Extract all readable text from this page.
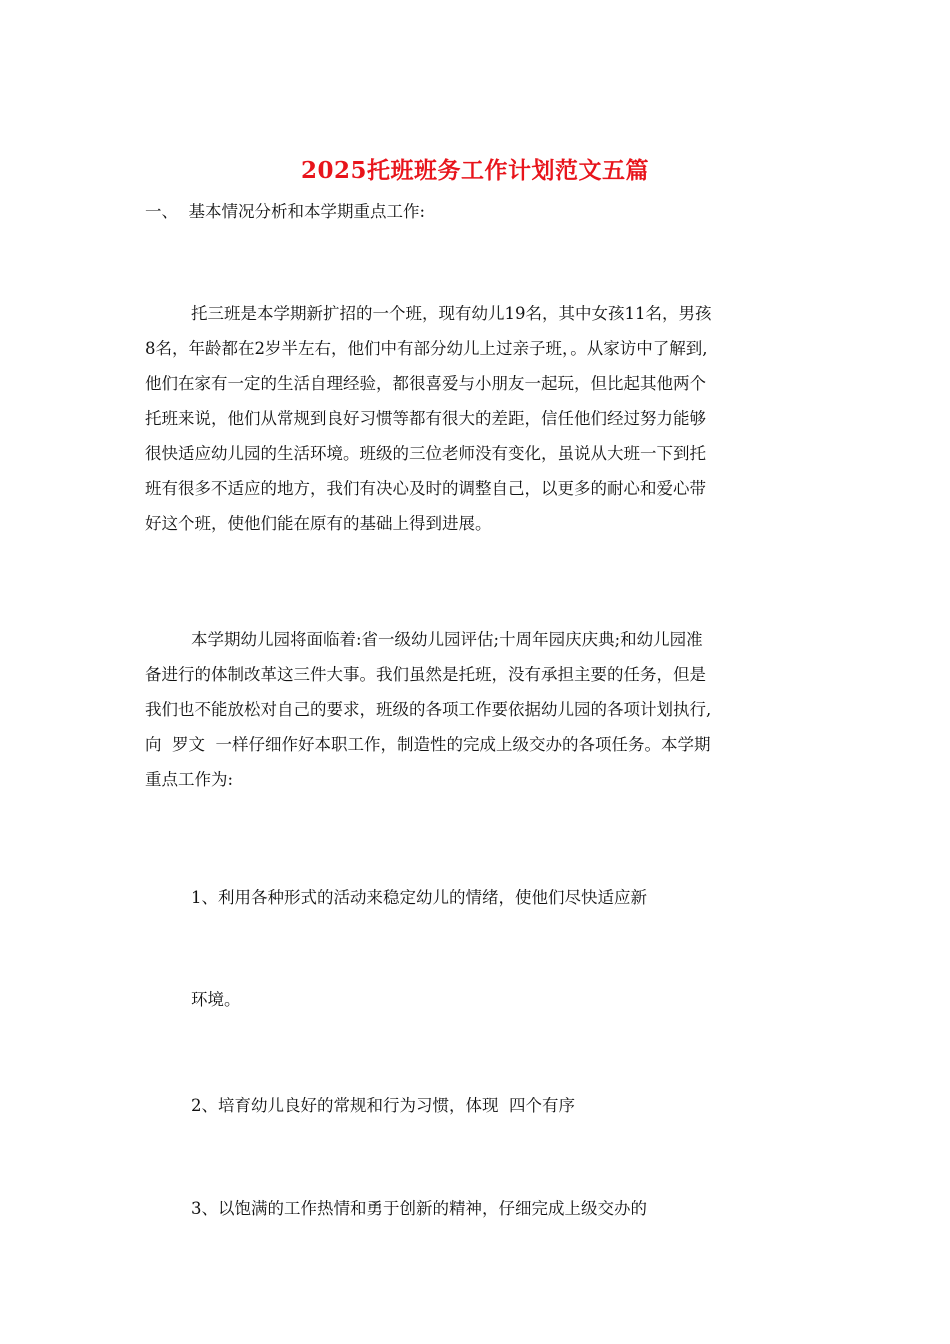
2025托班班务工作计划范文五篇
一、  基本情况分析和本学期重点工作:
托三班是本学期新扩招的一个班，现有幼儿19名，其中女孩11名，男孩
8名，年龄都在2岁半左右，他们中有部分幼儿上过亲子班，。从家访中了解到,
他们在家有一定的生活自理经验，都很喜爱与小朋友一起玩，但比起其他两个
托班来说，他们从常规到良好习惯等都有很大的差距，信任他们经过努力能够
很快适应幼儿园的生活环境。班级的三位老师没有变化，虽说从大班一下到托
班有很多不适应的地方，我们有决心及时的调整自己，以更多的耐心和爱心带
好这个班，使他们能在原有的基础上得到进展。
本学期幼儿园将面临着:省一级幼儿园评估;十周年园庆庆典;和幼儿园准
备进行的体制改革这三件大事。我们虽然是托班，没有承担主要的任务，但是
我们也不能放松对自己的要求，班级的各项工作要依据幼儿园的各项计划执行,
向  罗文  一样仔细作好本职工作，制造性的完成上级交办的各项任务。本学期
重点工作为:
1、利用各种形式的活动来稳定幼儿的情绪，使他们尽快适应新
环境。
2、培育幼儿良好的常规和行为习惯，体现  四个有序
3、以饱满的工作热情和勇于创新的精神，仔细完成上级交办的
